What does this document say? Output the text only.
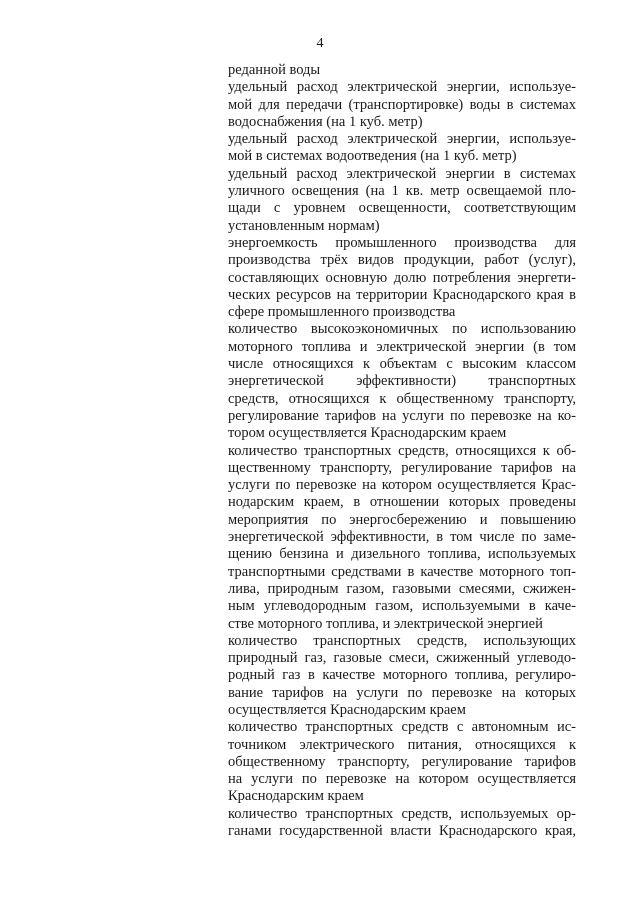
4
реданной воды
удельный расход электрической энергии, используе-
мой для передачи (транспортировке) воды в системах
водоснабжения (на 1 куб. метр)
удельный расход электрической энергии, используе-
мой в системах водоотведения (на 1 куб. метр)
удельный расход электрической энергии в системах
уличного освещения (на 1 кв. метр освещаемой пло-
щади с уровнем освещенности, соответствующим
установленным нормам)
энергоемкость промышленного производства для
производства трёх видов продукции, работ (услуг),
составляющих основную долю потребления энергети-
ческих ресурсов на территории Краснодарского края в
сфере промышленного производства
количество высокоэкономичных по использованию
моторного топлива и электрической энергии (в том
числе относящихся к объектам с высоким классом
энергетической эффективности) транспортных
средств, относящихся к общественному транспорту,
регулирование тарифов на услуги по перевозке на ко-
тором осуществляется Краснодарским краем
количество транспортных средств, относящихся к об-
щественному транспорту, регулирование тарифов на
услуги по перевозке на котором осуществляется Крас-
нодарским краем, в отношении которых проведены
мероприятия по энергосбережению и повышению
энергетической эффективности, в том числе по заме-
щению бензина и дизельного топлива, используемых
транспортными средствами в качестве моторного топ-
лива, природным газом, газовыми смесями, сжижен-
ным углеводородным газом, используемыми в каче-
стве моторного топлива, и электрической энергией
количество транспортных средств, использующих
природный газ, газовые смеси, сжиженный углеводо-
родный газ в качестве моторного топлива, регулиро-
вание тарифов на услуги по перевозке на которых
осуществляется Краснодарским краем
количество транспортных средств с автономным ис-
точником электрического питания, относящихся к
общественному транспорту, регулирование тарифов
на услуги по перевозке на котором осуществляется
Краснодарским краем
количество транспортных средств, используемых ор-
ганами государственной власти Краснодарского края,
